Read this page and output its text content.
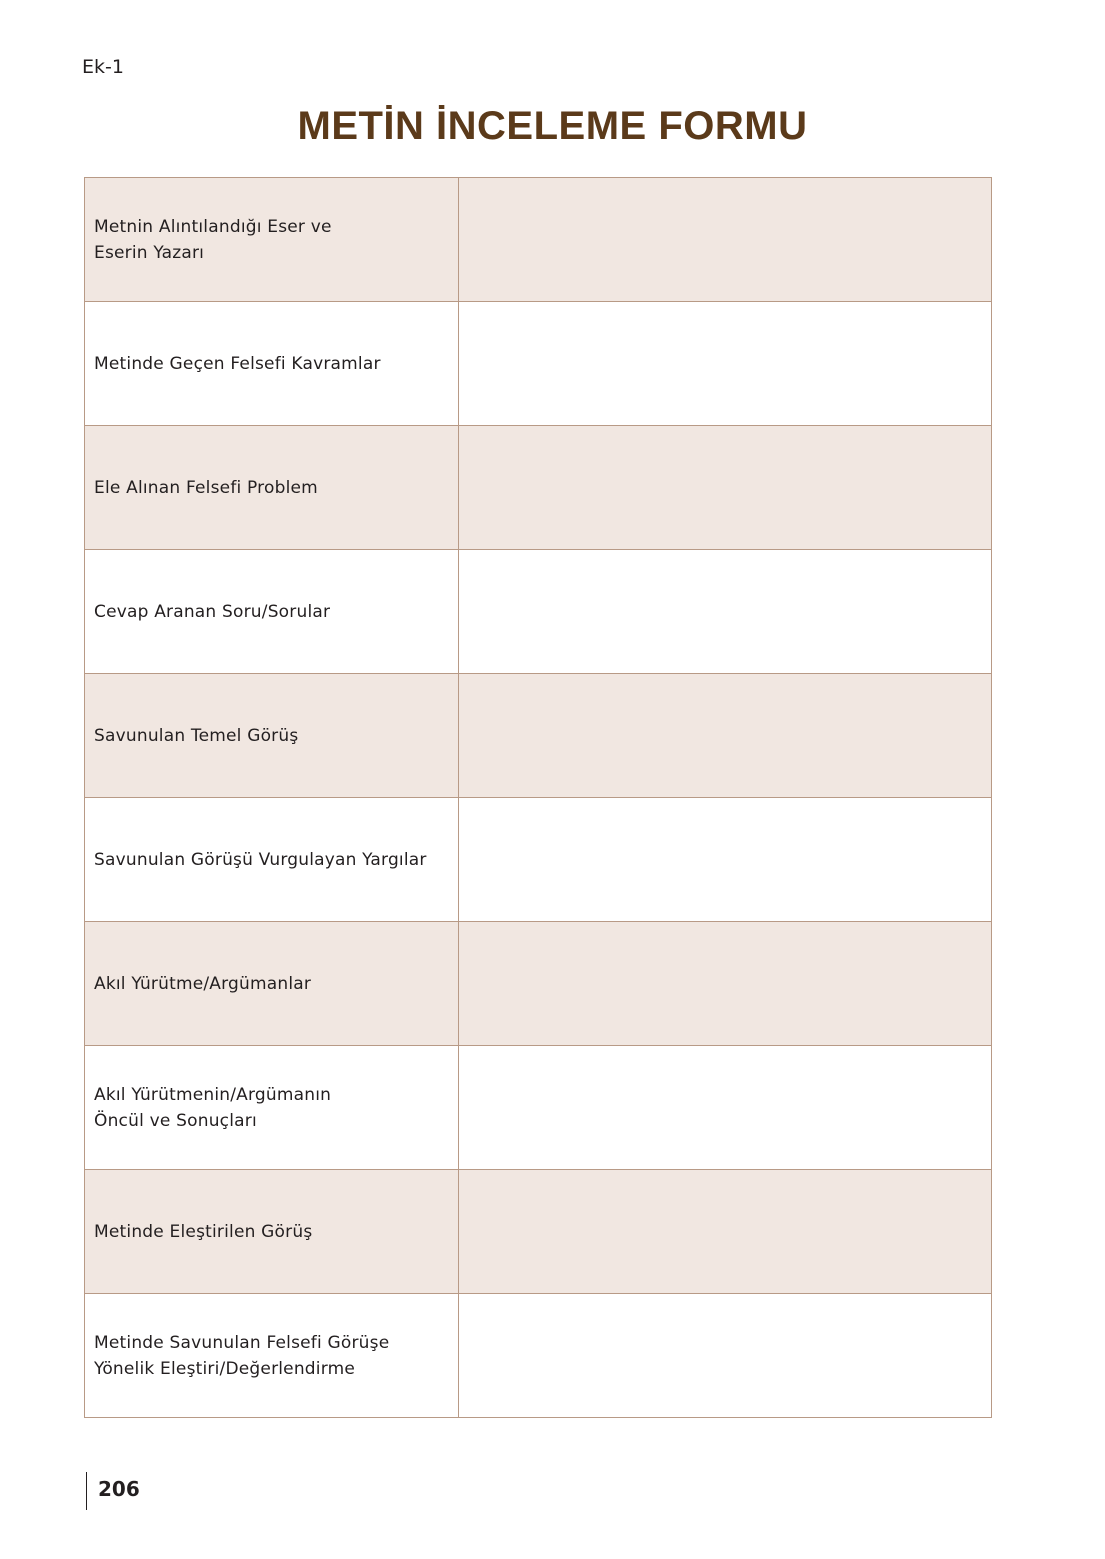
Ek-1
METİN İNCELEME FORMU
Metnin Alıntılandığı Eser ve
Eserin Yazarı	

Metinde Geçen Felsefi Kavramlar	

Ele Alınan Felsefi Problem	

Cevap Aranan Soru/Sorular	

Savunulan Temel Görüş	

Savunulan Görüşü Vurgulayan Yargılar	

Akıl Yürütme/Argümanlar	

Akıl Yürütmenin/Argümanın
Öncül ve Sonuçları	

Metinde Eleştirilen Görüş	

Metinde Savunulan Felsefi Görüşe
Yönelik Eleştiri/Değerlendirme	

206
